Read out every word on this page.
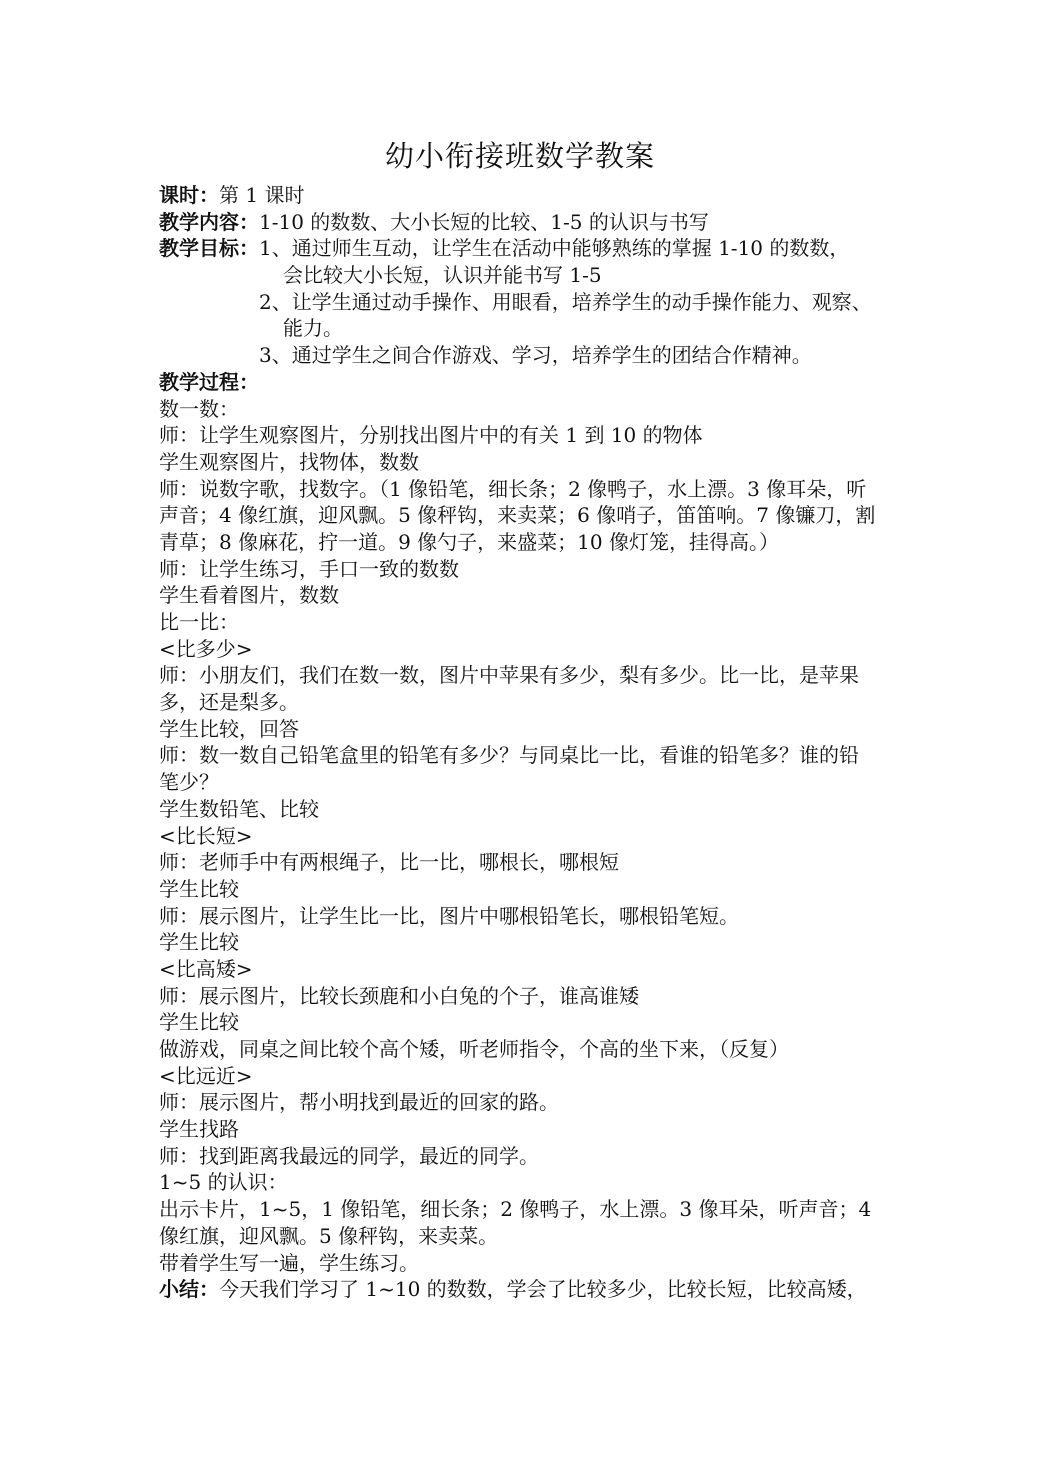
幼小衔接班数学教案
课时：第 1 课时
教学内容：1-10 的数数、大小长短的比较、1-5 的认识与书写
教学目标：1、通过师生互动，让学生在活动中能够熟练的掌握 1-10 的数数，
会比较大小长短，认识并能书写 1-5
2、让学生通过动手操作、用眼看，培养学生的动手操作能力、观察、
能力。
3、通过学生之间合作游戏、学习，培养学生的团结合作精神。
教学过程：
数一数：
师：让学生观察图片，分别找出图片中的有关 1 到 10 的物体
学生观察图片，找物体，数数
师：说数字歌，找数字。（1 像铅笔，细长条；2 像鸭子，水上漂。3 像耳朵，听
声音；4 像红旗，迎风飘。5 像秤钩，来卖菜；6 像哨子，笛笛响。7 像镰刀，割
青草；8 像麻花，拧一道。9 像勺子，来盛菜；10 像灯笼，挂得高。）
师：让学生练习，手口一致的数数
学生看着图片，数数
比一比：
<比多少>
师：小朋友们，我们在数一数，图片中苹果有多少，梨有多少。比一比，是苹果
多，还是梨多。
学生比较，回答
师：数一数自己铅笔盒里的铅笔有多少？与同桌比一比，看谁的铅笔多？谁的铅
笔少？
学生数铅笔、比较
<比长短>
师：老师手中有两根绳子，比一比，哪根长，哪根短
学生比较
师：展示图片，让学生比一比，图片中哪根铅笔长，哪根铅笔短。
学生比较
<比高矮>
师：展示图片，比较长颈鹿和小白兔的个子，谁高谁矮
学生比较
做游戏，同桌之间比较个高个矮，听老师指令，个高的坐下来，（反复）
<比远近>
师：展示图片，帮小明找到最近的回家的路。
学生找路
师：找到距离我最远的同学，最近的同学。
1~5 的认识：
出示卡片，1~5，1 像铅笔，细长条；2 像鸭子，水上漂。3 像耳朵，听声音；4
像红旗，迎风飘。5 像秤钩，来卖菜。
带着学生写一遍，学生练习。
小结：今天我们学习了 1~10 的数数，学会了比较多少，比较长短，比较高矮，
